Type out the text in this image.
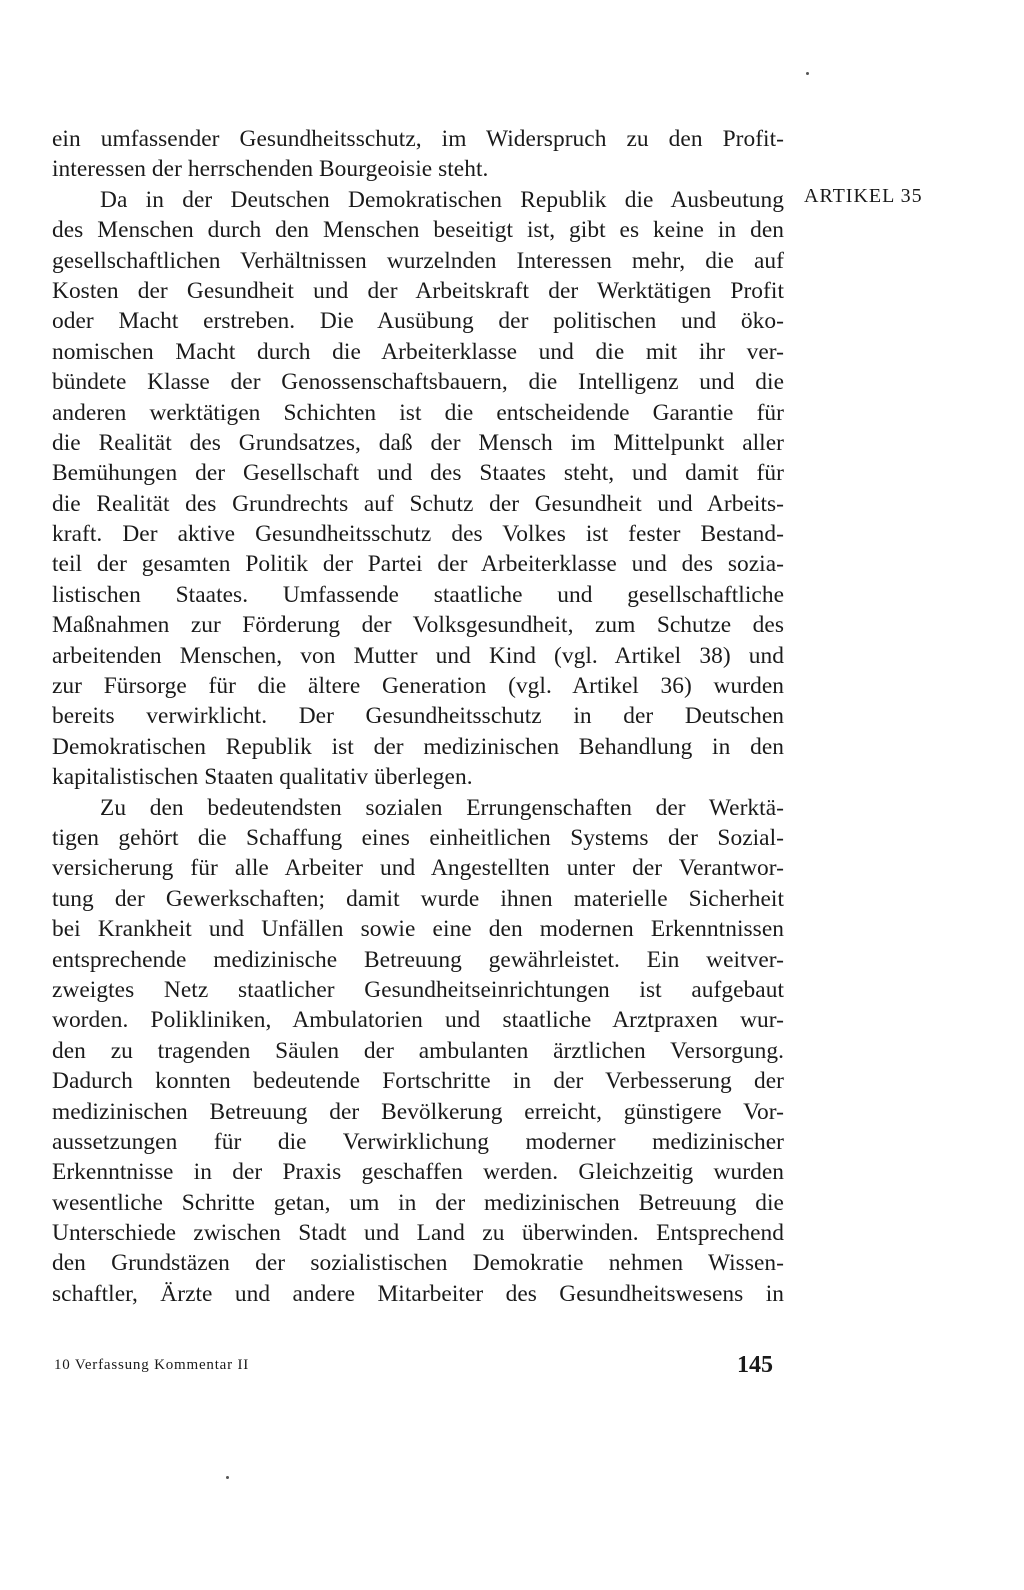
ein umfassender Gesundheitsschutz, im Widerspruch zu den Profit-
interessen der herrschenden Bourgeoisie steht.
Da in der Deutschen Demokratischen Republik die Ausbeutung
des Menschen durch den Menschen beseitigt ist, gibt es keine in den
gesellschaftlichen Verhältnissen wurzelnden Interessen mehr, die auf
Kosten der Gesundheit und der Arbeitskraft der Werktätigen Profit
oder Macht erstreben. Die Ausübung der politischen und öko-
nomischen Macht durch die Arbeiterklasse und die mit ihr ver-
bündete Klasse der Genossenschaftsbauern, die Intelligenz und die
anderen werktätigen Schichten ist die entscheidende Garantie für
die Realität des Grundsatzes, daß der Mensch im Mittelpunkt aller
Bemühungen der Gesellschaft und des Staates steht, und damit für
die Realität des Grundrechts auf Schutz der Gesundheit und Arbeits-
kraft. Der aktive Gesundheitsschutz des Volkes ist fester Bestand-
teil der gesamten Politik der Partei der Arbeiterklasse und des sozia-
listischen Staates. Umfassende staatliche und gesellschaftliche
Maßnahmen zur Förderung der Volksgesundheit, zum Schutze des
arbeitenden Menschen, von Mutter und Kind (vgl. Artikel 38) und
zur Fürsorge für die ältere Generation (vgl. Artikel 36) wurden
bereits verwirklicht. Der Gesundheitsschutz in der Deutschen
Demokratischen Republik ist der medizinischen Behandlung in den
kapitalistischen Staaten qualitativ überlegen.
Zu den bedeutendsten sozialen Errungenschaften der Werktä-
tigen gehört die Schaffung eines einheitlichen Systems der Sozial-
versicherung für alle Arbeiter und Angestellten unter der Verantwor-
tung der Gewerkschaften; damit wurde ihnen materielle Sicherheit
bei Krankheit und Unfällen sowie eine den modernen Erkenntnissen
entsprechende medizinische Betreuung gewährleistet. Ein weitver-
zweigtes Netz staatlicher Gesundheitseinrichtungen ist aufgebaut
worden. Polikliniken, Ambulatorien und staatliche Arztpraxen wur-
den zu tragenden Säulen der ambulanten ärztlichen Versorgung.
Dadurch konnten bedeutende Fortschritte in der Verbesserung der
medizinischen Betreuung der Bevölkerung erreicht, günstigere Vor-
aussetzungen für die Verwirklichung moderner medizinischer
Erkenntnisse in der Praxis geschaffen werden. Gleichzeitig wurden
wesentliche Schritte getan, um in der medizinischen Betreuung die
Unterschiede zwischen Stadt und Land zu überwinden. Entsprechend
den Grundstäzen der sozialistischen Demokratie nehmen Wissen-
schaftler, Ärzte und andere Mitarbeiter des Gesundheitswesens in
ARTIKEL 35
10 Verfassung Kommentar II	145
